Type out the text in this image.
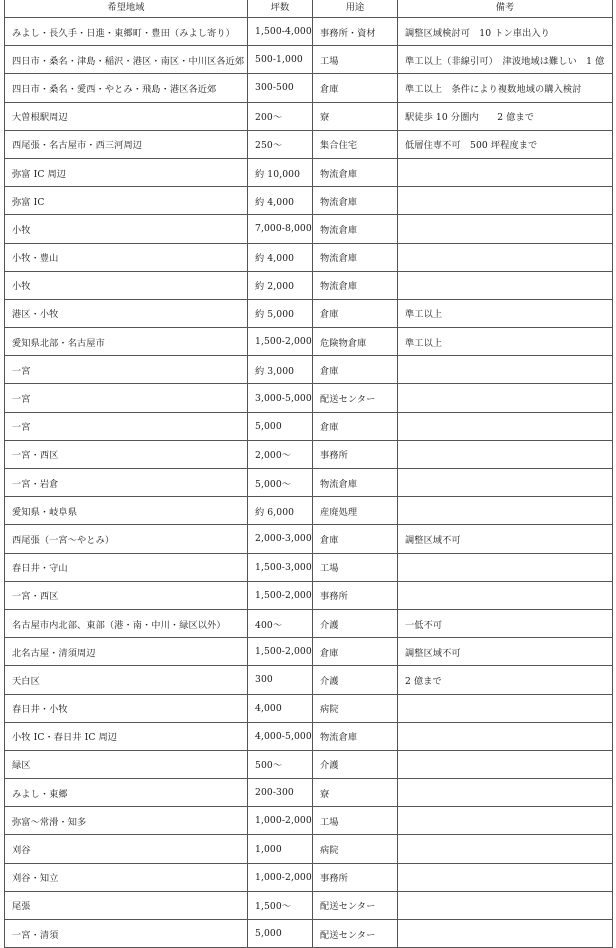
希望地域	坪数	用途	備考
みよし・長久手・日進・東郷町・豊田（みよし寄り）	1,500-4,000	事務所・資材	調整区域検討可　10 トン車出入り
四日市・桑名・津島・稲沢・港区・南区・中川区各近郊	500-1,000	工場	準工以上（非線引可）　津波地域は難しい　1 億
四日市・桑名・愛西・やとみ・飛島・港区各近郊	300-500	倉庫	準工以上　条件により複数地域の購入検討
大曽根駅周辺	200～	寮	駅徒歩 10 分圏内　　2 億まで
西尾張・名古屋市・西三河周辺	250～	集合住宅	低層住専不可　500 坪程度まで
弥富 IC 周辺	約 10,000	物流倉庫	
弥富 IC	約 4,000	物流倉庫	
小牧	7,000-8,000	物流倉庫	
小牧・豊山	約 4,000	物流倉庫	
小牧	約 2,000	物流倉庫	
港区・小牧	約 5,000	倉庫	準工以上
愛知県北部・名古屋市	1,500-2,000	危険物倉庫	準工以上
一宮	約 3,000	倉庫	
一宮	3,000-5,000	配送センター	
一宮	5,000	倉庫	
一宮・西区	2,000～	事務所	
一宮・岩倉	5,000～	物流倉庫	
愛知県・岐阜県	約 6,000	産廃処理	
西尾張（一宮～やとみ）	2,000-3,000	倉庫	調整区域不可
春日井・守山	1,500-3,000	工場	
一宮・西区	1,500-2,000	事務所	
名古屋市内北部、東部（港・南・中川・緑区以外）	400～	介護	一低不可
北名古屋・清須周辺	1,500-2,000	倉庫	調整区域不可
天白区	300	介護	2 億まで
春日井・小牧	4,000	病院	
小牧 IC・春日井 IC 周辺	4,000-5,000	物流倉庫	
緑区	500～	介護	
みよし・東郷	200-300	寮	
弥富～常滑・知多	1,000-2,000	工場	
刈谷	1,000	病院	
刈谷・知立	1,000-2,000	事務所	
尾張	1,500～	配送センター	
一宮・清須	5,000	配送センター	
